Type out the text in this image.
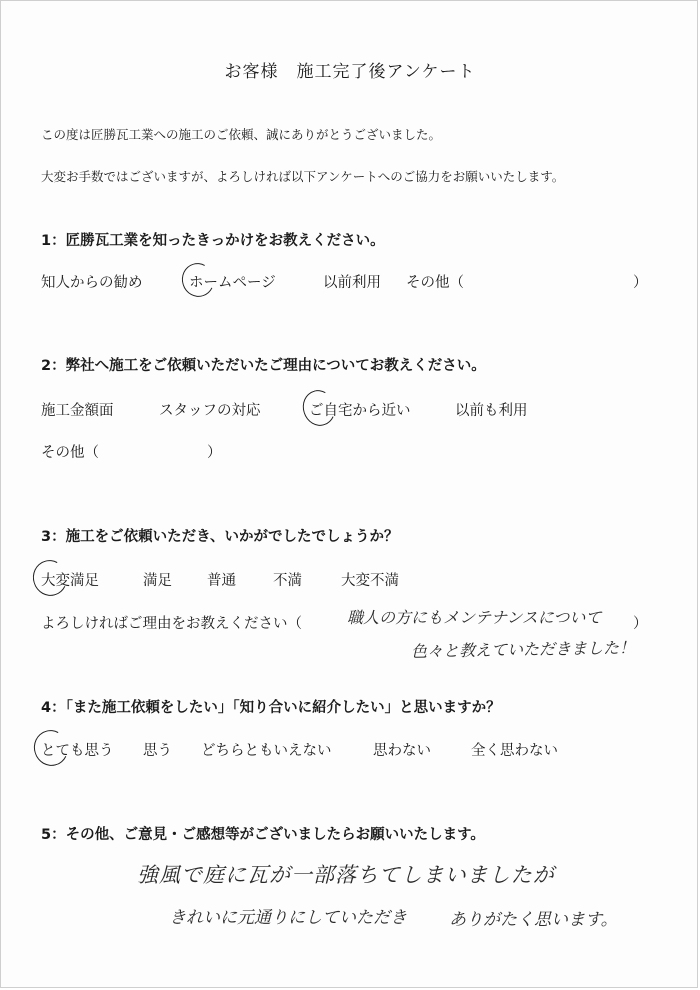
お客様　施工完了後アンケート
この度は匠勝瓦工業への施工のご依頼、誠にありがとうございました。
大変お手数ではございますが、よろしければ以下アンケートへのご協力をお願いいたします。
1：匠勝瓦工業を知ったきっかけをお教えください。
知人からの勧め	ホームページ	以前利用 その他（	）
2：弊社へ施工をご依頼いただいたご理由についてお教えください。
施工金額面	スタッフの対応	ご自宅から近い	以前も利用
その他（	）
3：施工をご依頼いただき、いかがでしたでしょうか？
大変満足	満足 普通	不満	大変不満
よろしければご理由をお教えください（	職人の方にもメンテナンスについて ）
色々と教えていただきました！
4：「また施工依頼をしたい」「知り合いに紹介したい」と思いますか？
とても思う 思う どちらともいえない	思わない	全く思わない
5：その他、ご意見・ご感想等がございましたらお願いいたします。
強風で庭に瓦が一部落ちてしまいましたが
きれいに元通りにしていただき ありがたく思います。
